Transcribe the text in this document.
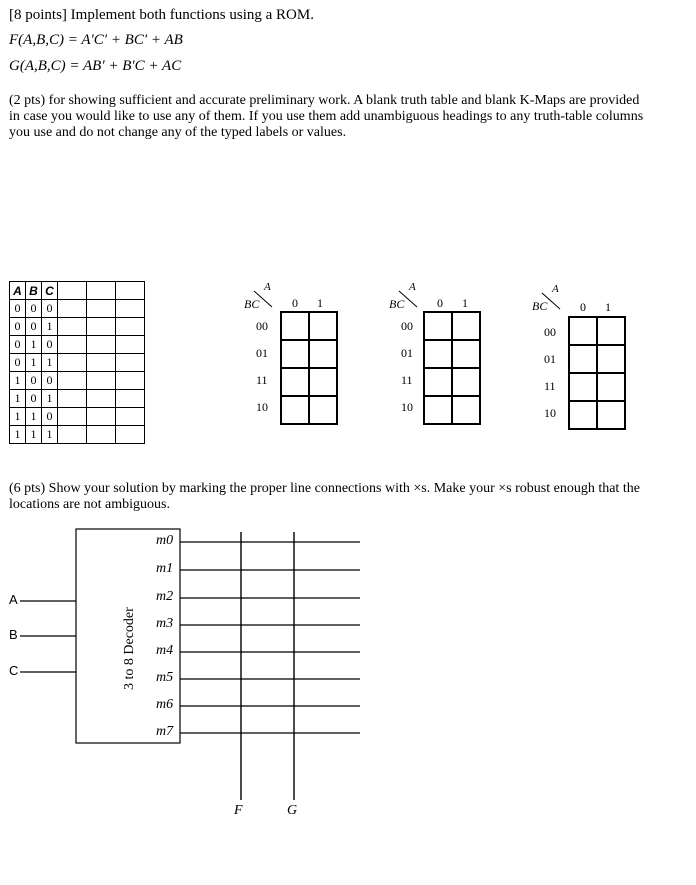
[8 points] Implement both functions using a ROM.
F(A,B,C) = A′C′ + BC′ + AB
G(A,B,C) = AB′ + B′C + AC
(2 pts) for showing sufficient and accurate preliminary work. A blank truth table and blank K-Maps are provided in case you would like to use any of them. If you use them add unambiguous headings to any truth-table columns you use and do not change any of the typed labels or values.
A	B	C			
0	0	0			
0	0	1			
0	1	0			
0	1	1			
1	0	0			
1	0	1			
1	1	0			
1	1	1			
A
BC	0 1
00
01
11
10
A
BC	0 1
00
01
11
10
A
BC	0 1
00
01
11
10
(6 pts) Show your solution by marking the proper line connections with ×s. Make your ×s robust enough that the locations are not ambiguous.
3 to 8 Decoder
A
B
C
m0
m1
m2
m3
m4
m5
m6
m7
F	G
